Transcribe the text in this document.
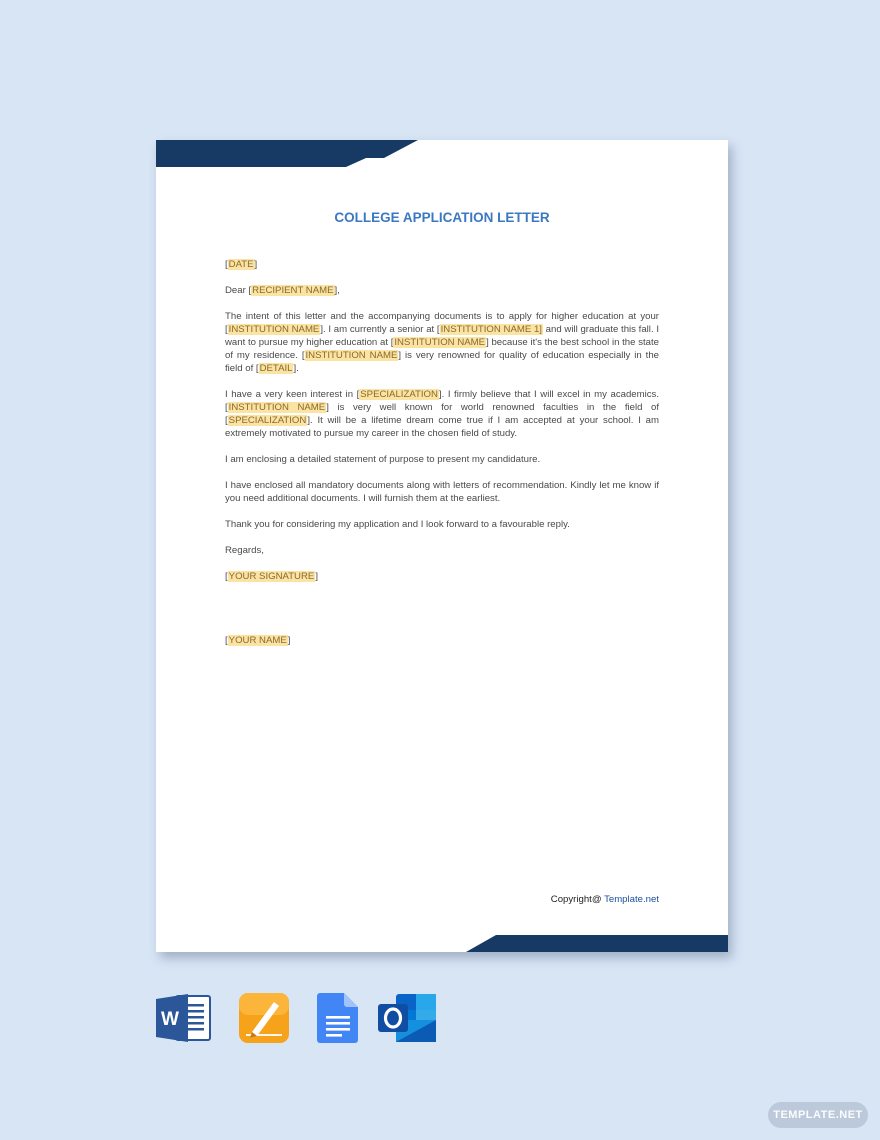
COLLEGE APPLICATION LETTER

[DATE]

Dear [RECIPIENT NAME],

The intent of this letter and the accompanying documents is to apply for higher education at your [INSTITUTION NAME]. I am currently a senior at [INSTITUTION NAME 1] and will graduate this fall. I want to pursue my higher education at [INSTITUTION NAME] because it's the best school in the state of my residence. [INSTITUTION NAME] is very renowned for quality of education especially in the field of [DETAIL].

I have a very keen interest in [SPECIALIZATION]. I firmly believe that I will excel in my academics. [INSTITUTION NAME] is very well known for world renowned faculties in the field of [SPECIALIZATION]. It will be a lifetime dream come true if I am accepted at your school. I am extremely motivated to pursue my career in the chosen field of study.

I am enclosing a detailed statement of purpose to present my candidature.

I have enclosed all mandatory documents along with letters of recommendation. Kindly let me know if you need additional documents. I will furnish them at the earliest.

Thank you for considering my application and I look forward to a favourable reply.

Regards,

[YOUR SIGNATURE]

[YOUR NAME]

Copyright@ Template.net
W
TEMPLATE.NET
